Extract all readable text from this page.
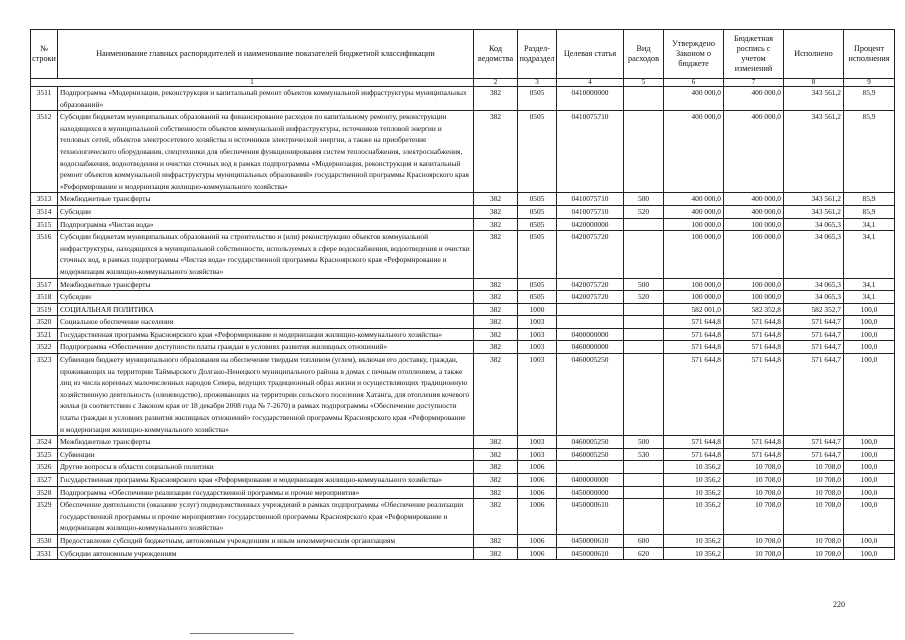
№ строки	Наименование главных распорядителей и наименование показателей бюджетной классификации	Код ведомства	Раздел-подраздел	Целевая статья	Вид расходов	Утверждено Законом о бюджете	Бюджетная роспись с учетом изменений	Исполнено	Процент исполнения
1		2	3	4	5	6	7	8	9
3511	Подпрограмма «Модернизация, реконструкция и капитальный ремонт объектов коммунальной инфраструктуры муниципальных образований»	382	0505	0410000000		400 000,0	400 000,0	343 561,2	85,9
3512	Субсидии бюджетам муниципальных образований на финансирование расходов по капитальному ремонту, реконструкции находящихся в муниципальной собственности объектов коммунальной инфраструктуры, источников тепловой энергии и тепловых сетей, объектов электросетевого хозяйства и источников электрической энергии, а также на приобретение технологического оборудования, спецтехники для обеспечения функционирования систем теплоснабжения, электроснабжения, водоснабжения, водоотведения и очистки сточных вод в рамках подпрограммы «Модернизация, реконструкция и капитальный ремонт объектов коммунальной инфраструктуры муниципальных образований» государственной программы Красноярского края «Реформирование и модернизация жилищно-коммунального хозяйства»	382	0505	0410075710		400 000,0	400 000,0	343 561,2	85,9
3513	Межбюджетные трансферты	382	0505	0410075710	500	400 000,0	400 000,0	343 561,2	85,9
3514	Субсидии	382	0505	0410075710	520	400 000,0	400 000,0	343 561,2	85,9
3515	Подпрограмма «Чистая вода»	382	0505	0420000000		100 000,0	100 000,0	34 065,3	34,1
3516	Субсидии бюджетам муниципальных образований на строительство и (или) реконструкцию объектов коммунальной инфраструктуры, находящихся в муниципальной собственности, используемых в сфере водоснабжения, водоотведения и очистки сточных вод, в рамках подпрограммы «Чистая вода» государственной программы Красноярского края «Реформирование и модернизация жилищно-коммунального хозяйства»	382	0505	0420075720		100 000,0	100 000,0	34 065,3	34,1
3517	Межбюджетные трансферты	382	0505	0420075720	500	100 000,0	100 000,0	34 065,3	34,1
3518	Субсидии	382	0505	0420075720	520	100 000,0	100 000,0	34 065,3	34,1
3519	СОЦИАЛЬНАЯ ПОЛИТИКА	382	1000			582 001,0	582 352,8	582 352,7	100,0
3520	Социальное обеспечение населения	382	1003			571 644,8	571 644,8	571 644,7	100,0
3521	Государственная программа Красноярского края «Реформирование и модернизация жилищно-коммунального хозяйства»	382	1003	0400000000		571 644,8	571 644,8	571 644,7	100,0
3522	Подпрограмма «Обеспечение доступности платы граждан в условиях развития жилищных отношений»	382	1003	0460000000		571 644,8	571 644,8	571 644,7	100,0
3523	Субвенция бюджету муниципального образования на обеспечение твердым топливом (углем), включая его доставку, граждан, проживающих на территории Таймырского Долгано-Ненецкого муниципального района в домах с печным отоплением, а также лиц из числа коренных малочисленных народов Севера, ведущих традиционный образ жизни и осуществляющих традиционную хозяйственную деятельность (оленеводство), проживающих на территории сельского поселения Хатанга, для отопления кочевого жилья (в соответствии с Законом края от 18 декабря 2008 года № 7-2670) в рамках подпрограммы «Обеспечение доступности платы граждан в условиях развития жилищных отношений» государственной программы Красноярского края «Реформирование и модернизация жилищно-коммунального хозяйства»	382	1003	0460005250		571 644,8	571 644,8	571 644,7	100,0
3524	Межбюджетные трансферты	382	1003	0460005250	500	571 644,8	571 644,8	571 644,7	100,0
3525	Субвенции	382	1003	0460005250	530	571 644,8	571 644,8	571 644,7	100,0
3526	Другие вопросы в области социальной политики	382	1006			10 356,2	10 708,0	10 708,0	100,0
3527	Государственная программа Красноярского края «Реформирование и модернизация жилищно-коммунального хозяйства»	382	1006	0400000000		10 356,2	10 708,0	10 708,0	100,0
3528	Подпрограмма «Обеспечение реализации государственной программы и прочие мероприятия»	382	1006	0450000000		10 356,2	10 708,0	10 708,0	100,0
3529	Обеспечение деятельности (оказание услуг) подведомственных учреждений в рамках подпрограммы «Обеспечение реализации государственной программы и прочие мероприятия» государственной программы Красноярского края «Реформирование и модернизация жилищно-коммунального хозяйства»	382	1006	0450000610		10 356,2	10 708,0	10 708,0	100,0
3530	Предоставление субсидий бюджетным, автономным учреждениям и иным некоммерческим организациям	382	1006	0450000610	600	10 356,2	10 708,0	10 708,0	100,0
3531	Субсидии автономным учреждениям	382	1006	0450000610	620	10 356,2	10 708,0	10 708,0	100,0
220
